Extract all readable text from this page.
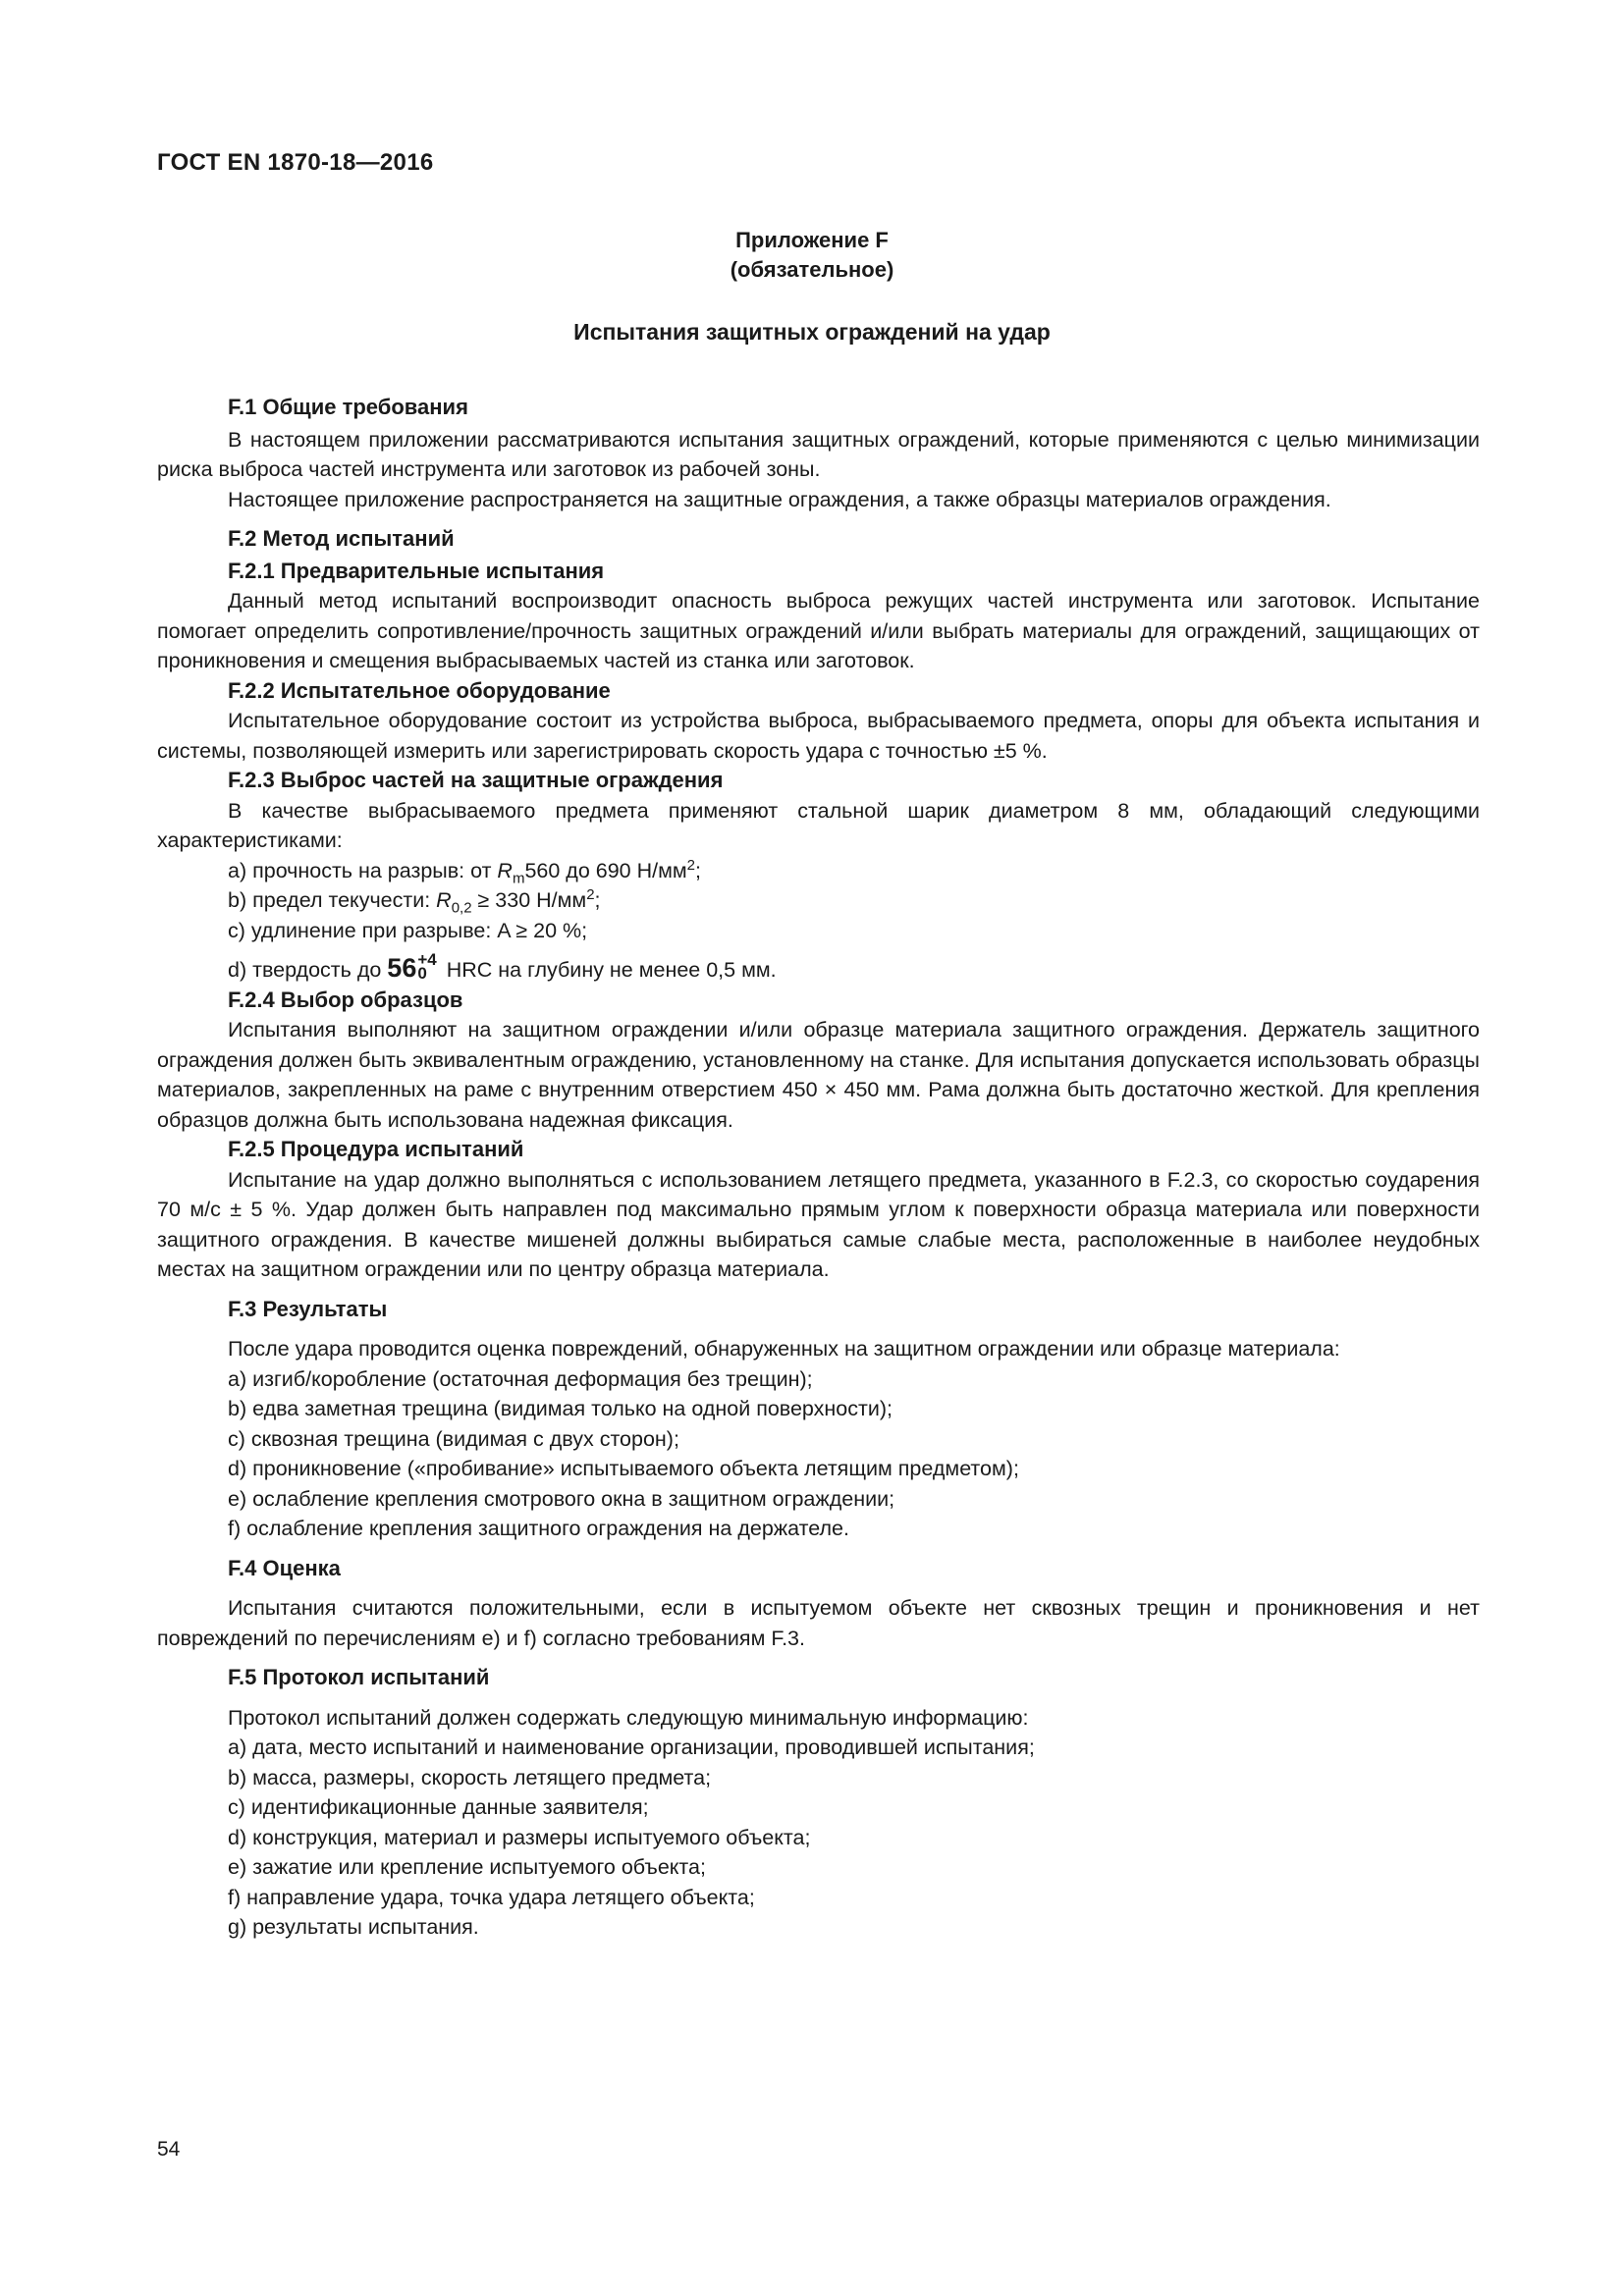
ГОСТ EN 1870-18—2016
Приложение F
(обязательное)
Испытания защитных ограждений на удар

F.1 Общие требования

В настоящем приложении рассматриваются испытания защитных ограждений, которые применяются с целью минимизации риска выброса частей инструмента или заготовок из рабочей зоны.

Настоящее приложение распространяется на защитные ограждения, а также образцы материалов ограждения.

F.2 Метод испытаний

F.2.1 Предварительные испытания

Данный метод испытаний воспроизводит опасность выброса режущих частей инструмента или заготовок. Испытание помогает определить сопротивление/прочность защитных ограждений и/или выбрать материалы для ограждений, защищающих от проникновения и смещения выбрасываемых частей из станка или заготовок.

F.2.2 Испытательное оборудование

Испытательное оборудование состоит из устройства выброса, выбрасываемого предмета, опоры для объекта испытания и системы, позволяющей измерить или зарегистрировать скорость удара с точностью ±5 %.

F.2.3 Выброс частей на защитные ограждения

В качестве выбрасываемого предмета применяют стальной шарик диаметром 8 мм, обладающий следующими характеристиками:

a) прочность на разрыв: от $R_m560$ до 690 $Н/мм^2$;

b) предел текучести: $R_{0,2} \ge 330$ $Н/мм^2$;

c) удлинение при разрыве: A ≥ 20 %;

d) твердость до 56 +4
0 HRC на глубину не менее 0,5 мм.

F.2.4 Выбор образцов

Испытания выполняют на защитном ограждении и/или образце материала защитного ограждения. Держатель защитного ограждения должен быть эквивалентным ограждению, установленному на станке. Для испытания допускается использовать образцы материалов, закрепленных на раме с внутренним отверстием 450 × 450 мм. Рама должна быть достаточно жесткой. Для крепления образцов должна быть использована надежная фиксация.

F.2.5 Процедура испытаний

Испытание на удар должно выполняться с использованием летящего предмета, указанного в F.2.3, со скоростью соударения 70 м/с ± 5 %. Удар должен быть направлен под максимально прямым углом к поверхности образца материала или поверхности защитного ограждения. В качестве мишеней должны выбираться самые слабые места, расположенные в наиболее неудобных местах на защитном ограждении или по центру образца материала.

F.3 Результаты

После удара проводится оценка повреждений, обнаруженных на защитном ограждении или образце материала:

a) изгиб/коробление (остаточная деформация без трещин);

b) едва заметная трещина (видимая только на одной поверхности);

c) сквозная трещина (видимая с двух сторон);

d) проникновение («пробивание» испытываемого объекта летящим предметом);

e) ослабление крепления смотрового окна в защитном ограждении;

f) ослабление крепления защитного ограждения на держателе.

F.4 Оценка

Испытания считаются положительными, если в испытуемом объекте нет сквозных трещин и проникновения и нет повреждений по перечислениям e) и f) согласно требованиям F.3.

F.5 Протокол испытаний

Протокол испытаний должен содержать следующую минимальную информацию:

a) дата, место испытаний и наименование организации, проводившей испытания;

b) масса, размеры, скорость летящего предмета;

c) идентификационные данные заявителя;

d) конструкция, материал и размеры испытуемого объекта;

e) зажатие или крепление испытуемого объекта;

f) направление удара, точка удара летящего объекта;

g) результаты испытания.

54
